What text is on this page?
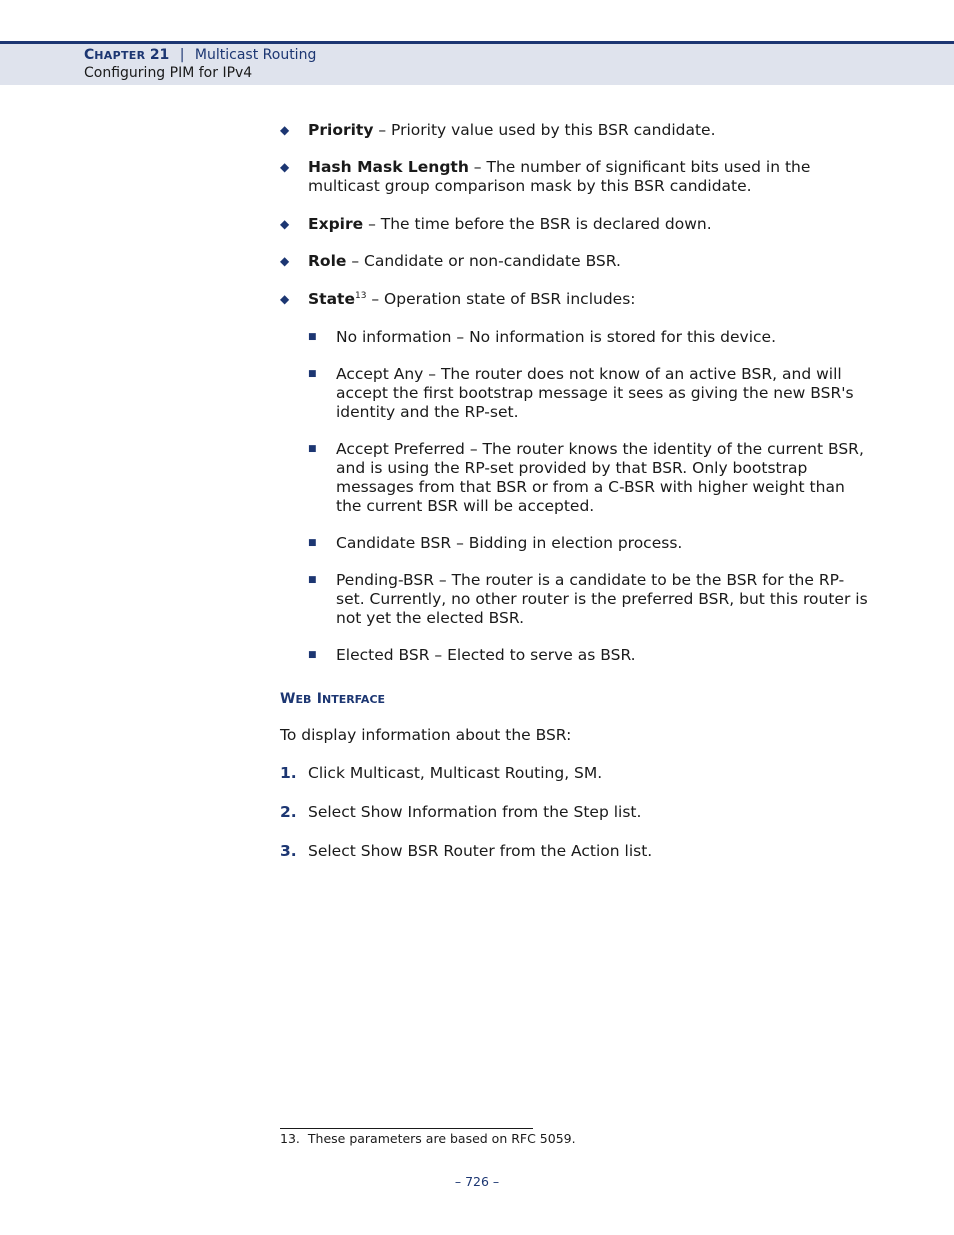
CHAPTER 21 | Multicast Routing
Configuring PIM for IPv4
◆ Priority – Priority value used by this BSR candidate.
◆ Hash Mask Length – The number of significant bits used in the multicast group comparison mask by this BSR candidate.
◆ Expire – The time before the BSR is declared down.
◆ Role – Candidate or non-candidate BSR.
◆ State$^{13}$ – Operation state of BSR includes:
■ No information – No information is stored for this device.
■ Accept Any – The router does not know of an active BSR, and will accept the first bootstrap message it sees as giving the new BSR's identity and the RP-set.
■ Accept Preferred – The router knows the identity of the current BSR, and is using the RP-set provided by that BSR. Only bootstrap messages from that BSR or from a C-BSR with higher weight than the current BSR will be accepted.
■ Candidate BSR – Bidding in election process.
■ Pending-BSR – The router is a candidate to be the BSR for the RP-set. Currently, no other router is the preferred BSR, but this router is not yet the elected BSR.
■ Elected BSR – Elected to serve as BSR.
WEB INTERFACE
To display information about the BSR:
1. Click Multicast, Multicast Routing, SM.
2. Select Show Information from the Step list.
3. Select Show BSR Router from the Action list.
13. These parameters are based on RFC 5059.
– 726 –
